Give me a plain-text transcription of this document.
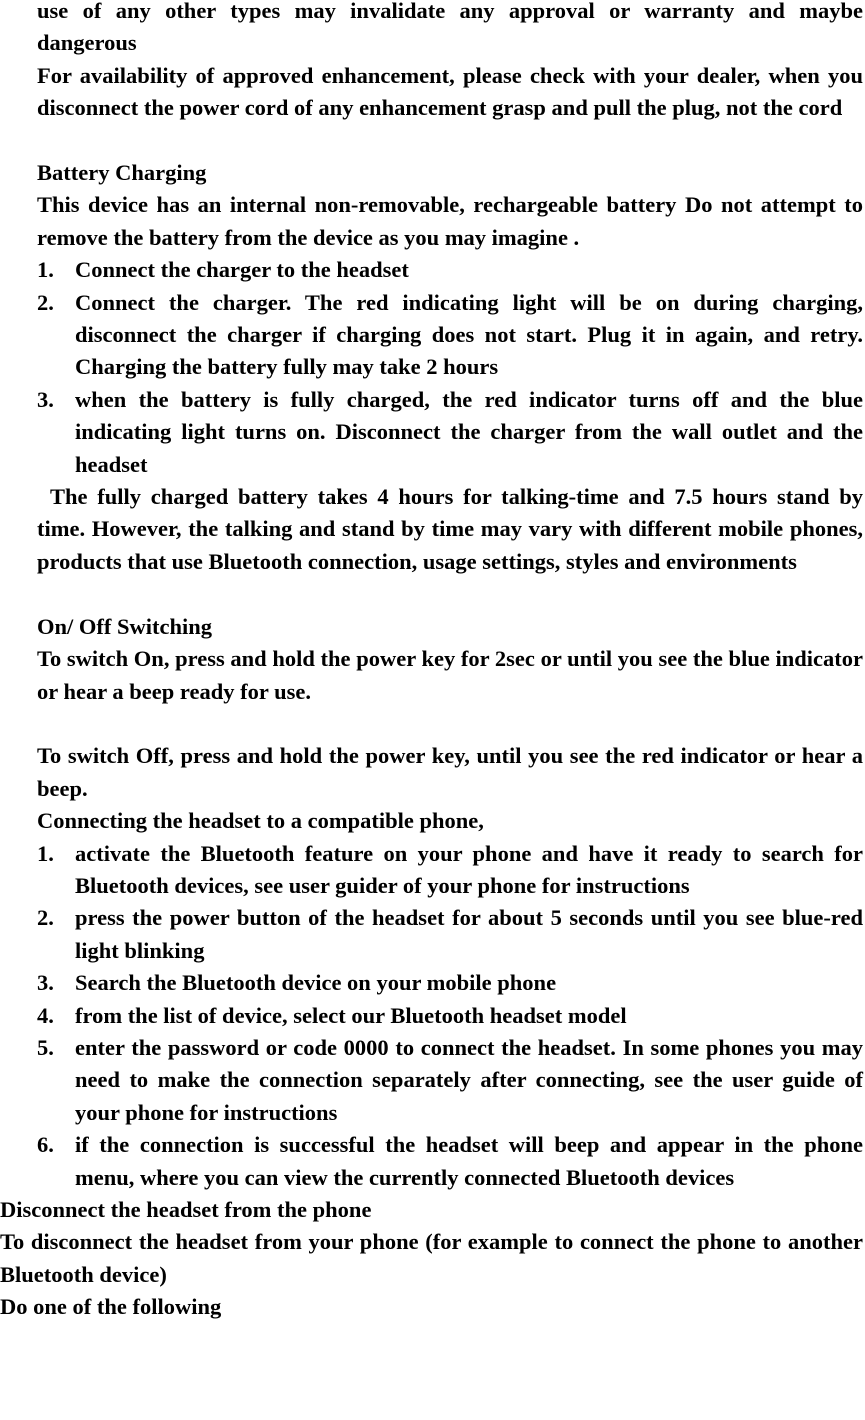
use of any other types may invalidate any approval or warranty and maybe dangerous

For availability of approved enhancement, please check with your dealer, when you disconnect the power cord of any enhancement grasp and pull the plug, not the cord

Battery Charging

This device has an internal non-removable, rechargeable battery Do not attempt to remove the battery from the device as you may imagine .

1. Connect the charger to the headset
2. Connect the charger. The red indicating light will be on during charging, disconnect the charger if charging does not start. Plug it in again, and retry. Charging the battery fully may take 2 hours
3. when the battery is fully charged, the red indicator turns off and the blue indicating light turns on. Disconnect the charger from the wall outlet and the headset

The fully charged battery takes 4 hours for talking-time and 7.5 hours stand by time. However, the talking and stand by time may vary with different mobile phones, products that use Bluetooth connection, usage settings, styles and environments

On/ Off Switching

To switch On, press and hold the power key for 2sec or until you see the blue indicator or hear a beep ready for use.

To switch Off, press and hold the power key, until you see the red indicator or hear a beep.

Connecting the headset to a compatible phone,

1. activate the Bluetooth feature on your phone and have it ready to search for Bluetooth devices, see user guider of your phone for instructions
2. press the power button of the headset for about 5 seconds until you see blue-red light blinking
3. Search the Bluetooth device on your mobile phone
4. from the list of device, select our Bluetooth headset model
5. enter the password or code 0000 to connect the headset. In some phones you may need to make the connection separately after connecting, see the user guide of your phone for instructions
6. if the connection is successful the headset will beep and appear in the phone menu, where you can view the currently connected Bluetooth devices

Disconnect the headset from the phone

To disconnect the headset from your phone (for example to connect the phone to another Bluetooth device)

Do one of the following
